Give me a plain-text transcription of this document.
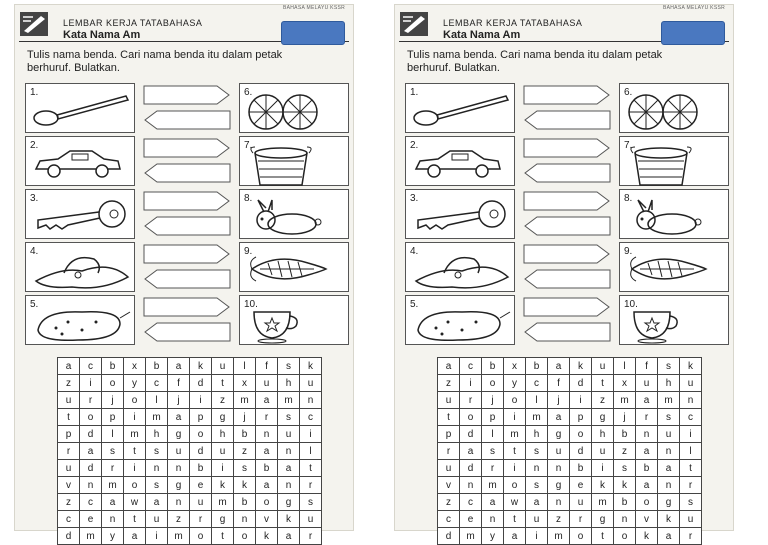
BAHASA MELAYU KSSR
LEMBAR KERJA TATABAHASA
Kata Nama Am
Tulis nama benda. Cari nama benda itu dalam petak berhuruf. Bulatkan.
1.
2.
3.
4.
5.
6.
7.
8.
9.
10.
a	c	b	x	b	a	k	u	l	f	s	k
z	i	o	y	c	f	d	t	x	u	h	u
u	r	j	o	l	j	i	z	m	a	m	n
t	o	p	i	m	a	p	g	j	r	s	c
p	d	l	m	h	g	o	h	b	n	u	i
r	a	s	t	s	u	d	u	z	a	n	l
u	d	r	i	n	n	b	i	s	b	a	t
v	n	m	o	s	g	e	k	k	a	n	r
z	c	a	w	a	n	u	m	b	o	g	s
c	e	n	t	u	z	r	g	n	v	k	u
d	m	y	a	i	m	o	t	o	k	a	r
BAHASA MELAYU KSSR
LEMBAR KERJA TATABAHASA
Kata Nama Am
Tulis nama benda. Cari nama benda itu dalam petak berhuruf. Bulatkan.
1.
2.
3.
4.
5.
6.
7.
8.
9.
10.
a	c	b	x	b	a	k	u	l	f	s	k
z	i	o	y	c	f	d	t	x	u	h	u
u	r	j	o	l	j	i	z	m	a	m	n
t	o	p	i	m	a	p	g	j	r	s	c
p	d	l	m	h	g	o	h	b	n	u	i
r	a	s	t	s	u	d	u	z	a	n	l
u	d	r	i	n	n	b	i	s	b	a	t
v	n	m	o	s	g	e	k	k	a	n	r
z	c	a	w	a	n	u	m	b	o	g	s
c	e	n	t	u	z	r	g	n	v	k	u
d	m	y	a	i	m	o	t	o	k	a	r
